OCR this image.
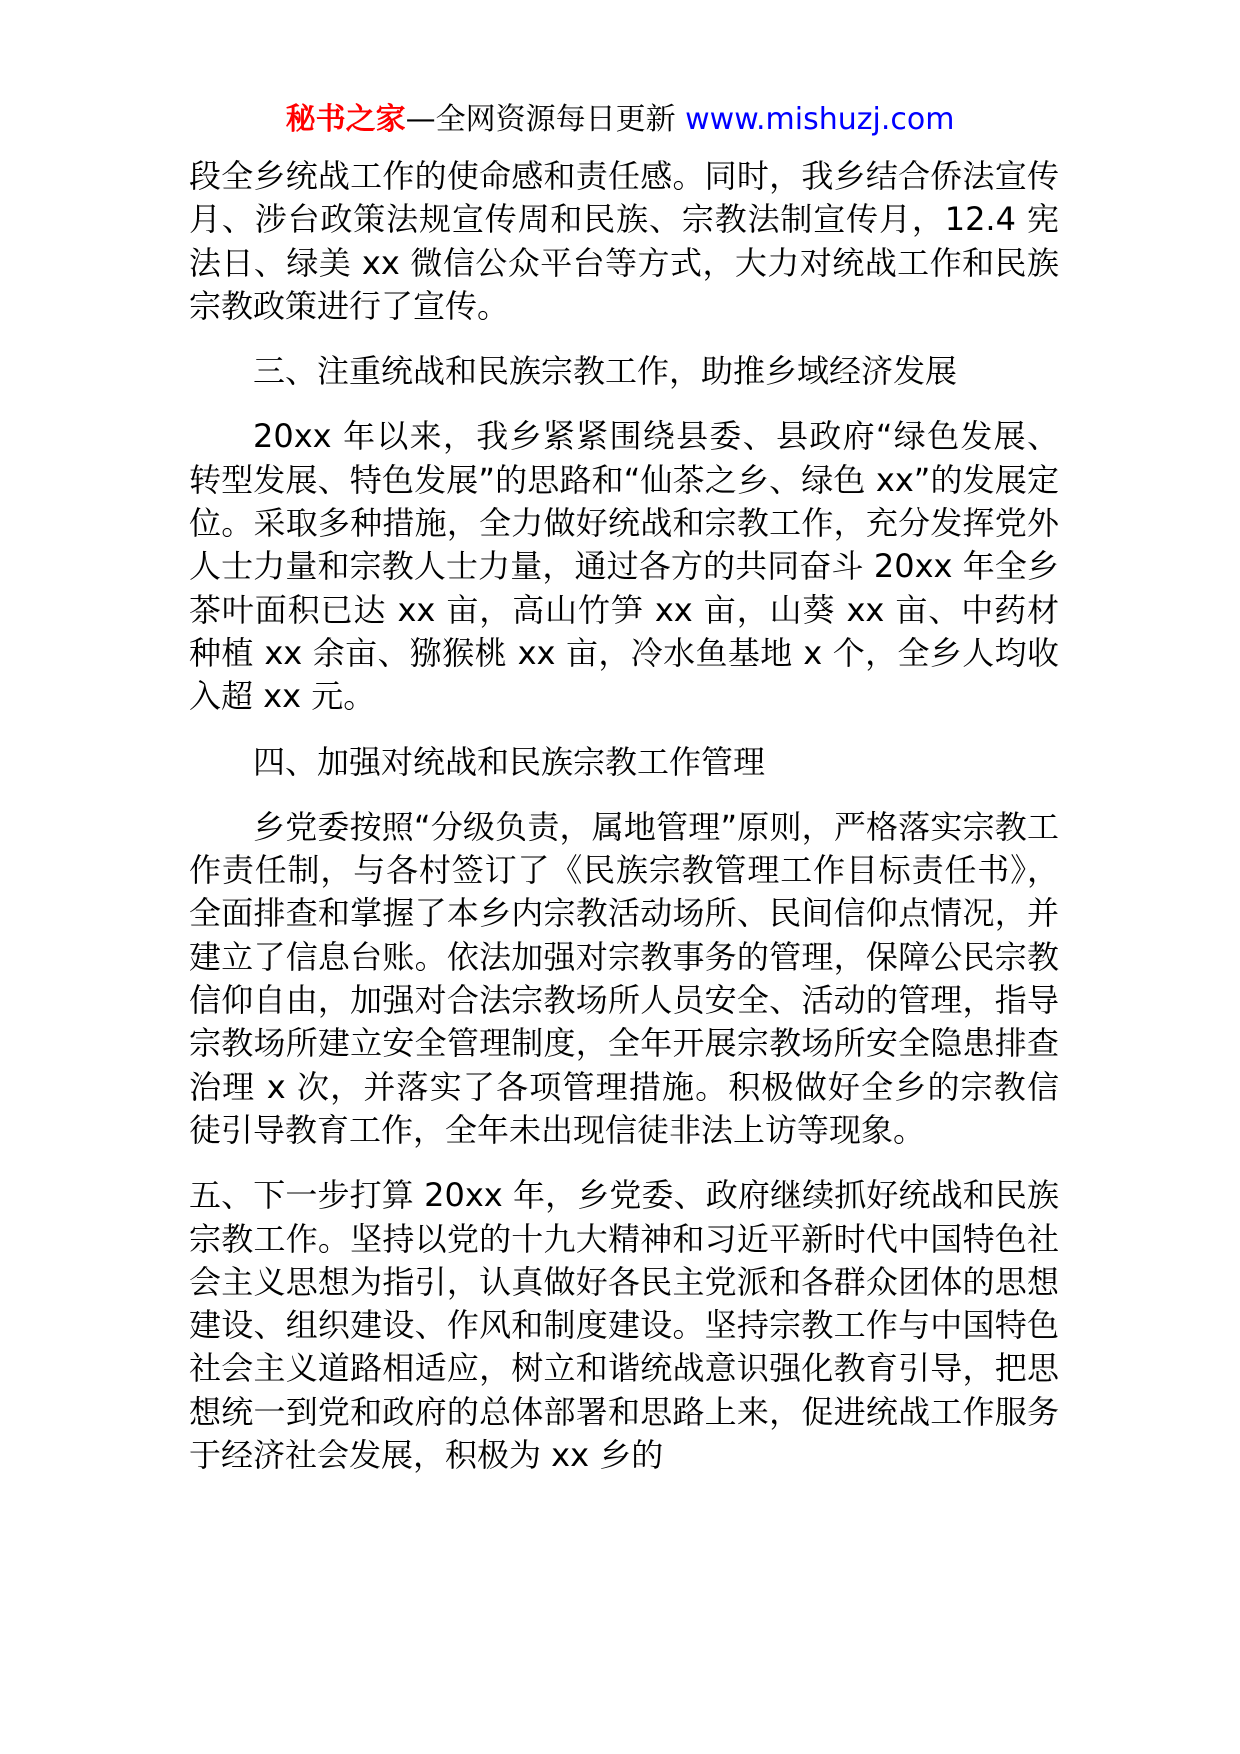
秘书之家—全网资源每日更新 www.mishuzj.com

段全乡统战工作的使命感和责任感。同时，我乡结合侨法宣传月、涉台政策法规宣传周和民族、宗教法制宣传月，12.4 宪法日、绿美 xx 微信公众平台等方式，大力对统战工作和民族宗教政策进行了宣传。

三、注重统战和民族宗教工作，助推乡域经济发展

20xx 年以来，我乡紧紧围绕县委、县政府“绿色发展、转型发展、特色发展”的思路和“仙茶之乡、绿色 xx”的发展定位。采取多种措施，全力做好统战和宗教工作，充分发挥党外人士力量和宗教人士力量，通过各方的共同奋斗 20xx 年全乡茶叶面积已达 xx 亩，高山竹笋 xx 亩，山葵 xx 亩、中药材种植 xx 余亩、猕猴桃 xx 亩，冷水鱼基地 x 个，全乡人均收入超 xx 元。

四、加强对统战和民族宗教工作管理

乡党委按照“分级负责，属地管理”原则，严格落实宗教工作责任制，与各村签订了《民族宗教管理工作目标责任书》，全面排查和掌握了本乡内宗教活动场所、民间信仰点情况，并建立了信息台账。依法加强对宗教事务的管理，保障公民宗教信仰自由，加强对合法宗教场所人员安全、活动的管理，指导宗教场所建立安全管理制度，全年开展宗教场所安全隐患排查治理 x 次，并落实了各项管理措施。积极做好全乡的宗教信徒引导教育工作，全年未出现信徒非法上访等现象。

五、下一步打算 20xx 年，乡党委、政府继续抓好统战和民族宗教工作。坚持以党的十九大精神和习近平新时代中国特色社会主义思想为指引，认真做好各民主党派和各群众团体的思想建设、组织建设、作风和制度建设。坚持宗教工作与中国特色社会主义道路相适应，树立和谐统战意识强化教育引导，把思想统一到党和政府的总体部署和思路上来，促进统战工作服务于经济社会发展，积极为 xx 乡的
